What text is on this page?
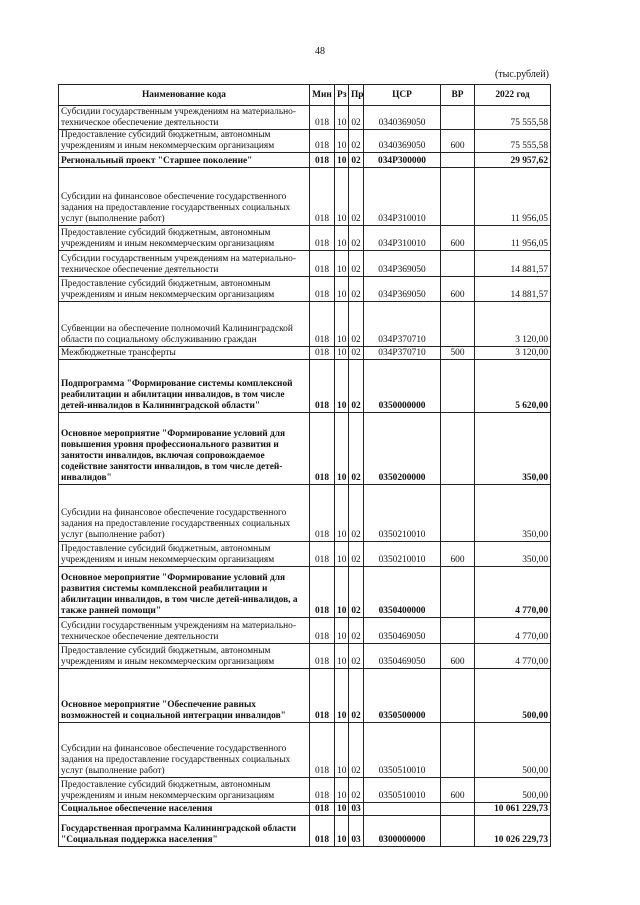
48
(тыс.рублей)
Наименование кода	Мин	Рз	Пр	ЦСР	ВР	2022 год
Субсидии государственным учреждениям на материально-техническое обеспечение деятельности	018	10	02	0340369050		75 555,58
Предоставление субсидий бюджетным, автономным учреждениям и иным некоммерческим организациям	018	10	02	0340369050	600	75 555,58
Региональный проект "Старшее поколение"	018	10	02	034P300000		29 957,62
Субсидии на финансовое обеспечение государственного задания на предоставление государственных социальных услуг (выполнение работ)	018	10	02	034P310010		11 956,05
Предоставление субсидий бюджетным, автономным учреждениям и иным некоммерческим организациям	018	10	02	034P310010	600	11 956,05
Субсидии государственным учреждениям на материально-техническое обеспечение деятельности	018	10	02	034P369050		14 881,57
Предоставление субсидий бюджетным, автономным учреждениям и иным некоммерческим организациям	018	10	02	034P369050	600	14 881,57
Субвенции на обеспечение полномочий Калининградской области по социальному обслуживанию граждан	018	10	02	034P370710		3 120,00
Межбюджетные трансферты	018	10	02	034P370710	500	3 120,00
Подпрограмма "Формирование системы комплексной реабилитации и абилитации инвалидов, в том числе детей-инвалидов в Калининградской области"	018	10	02	0350000000		5 620,00
Основное мероприятие "Формирование условий для повышения уровня профессионального развития и занятости инвалидов, включая сопровождаемое содействие занятости инвалидов, в том числе детей-инвалидов"	018	10	02	0350200000		350,00
Субсидии на финансовое обеспечение государственного задания на предоставление государственных социальных услуг (выполнение работ)	018	10	02	0350210010		350,00
Предоставление субсидий бюджетным, автономным учреждениям и иным некоммерческим организациям	018	10	02	0350210010	600	350,00
Основное мероприятие "Формирование условий для развития системы комплексной реабилитации и абилитации инвалидов, в том числе детей-инвалидов, а также ранней помощи"	018	10	02	0350400000		4 770,00
Субсидии государственным учреждениям на материально-техническое обеспечение деятельности	018	10	02	0350469050		4 770,00
Предоставление субсидий бюджетным, автономным учреждениям и иным некоммерческим организациям	018	10	02	0350469050	600	4 770,00
Основное мероприятие "Обеспечение равных возможностей и социальной интеграции инвалидов"	018	10	02	0350500000		500,00
Субсидии на финансовое обеспечение государственного задания на предоставление государственных социальных услуг (выполнение работ)	018	10	02	0350510010		500,00
Предоставление субсидий бюджетным, автономным учреждениям и иным некоммерческим организациям	018	10	02	0350510010	600	500,00
Социальное обеспечение населения	018	10	03			10 061 229,73
Государственная программа Калининградской области "Социальная поддержка населения"	018	10	03	0300000000		10 026 229,73
